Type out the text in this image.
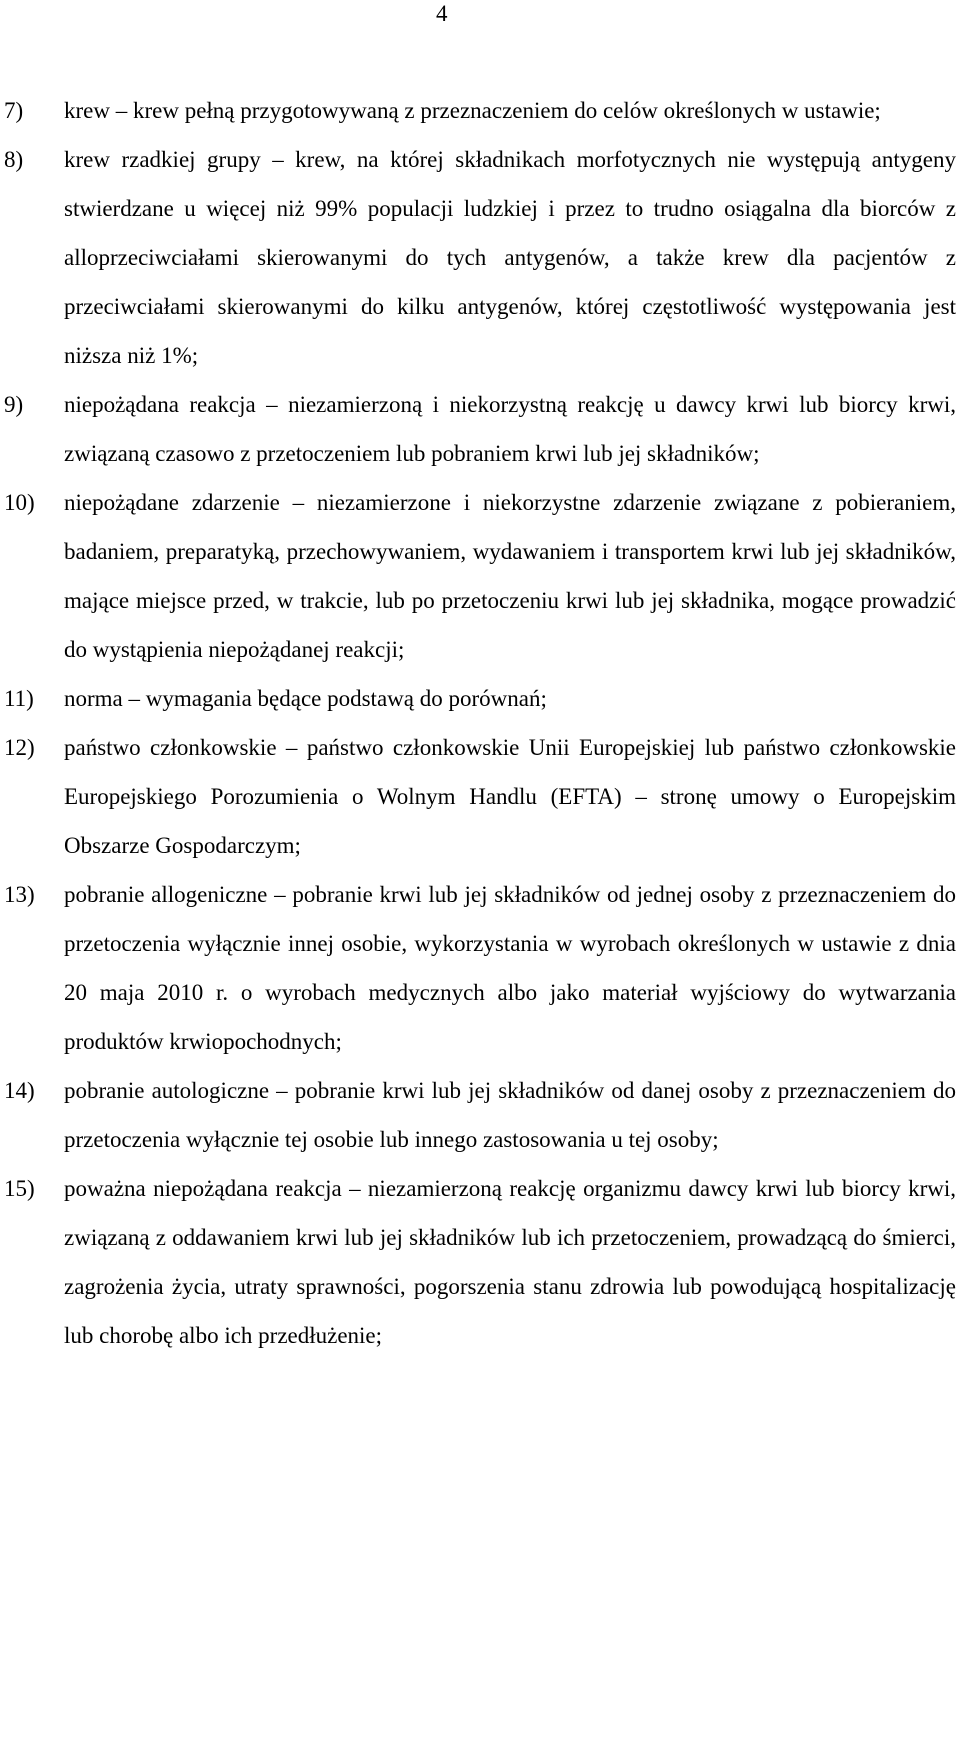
4
7)	krew – krew pełną przygotowywaną z przeznaczeniem do celów określonych w ustawie;
8)	krew rzadkiej grupy – krew, na której składnikach morfotycznych nie występują antygeny stwierdzane u więcej niż 99% populacji ludzkiej i przez to trudno osiągalna dla biorców z alloprzeciwciałami skierowanymi do tych antygenów, a także krew dla pacjentów z przeciwciałami skierowanymi do kilku antygenów, której częstotliwość występowania jest niższa niż 1%;
9)	niepożądana reakcja – niezamierzoną i niekorzystną reakcję u dawcy krwi lub biorcy krwi, związaną czasowo z przetoczeniem lub pobraniem krwi lub jej składników;
10)	niepożądane zdarzenie – niezamierzone i niekorzystne zdarzenie związane z pobieraniem, badaniem, preparatyką, przechowywaniem, wydawaniem i transportem krwi lub jej składników, mające miejsce przed, w trakcie, lub po przetoczeniu krwi lub jej składnika, mogące prowadzić do wystąpienia niepożądanej reakcji;
11)	norma – wymagania będące podstawą do porównań;
12)	państwo członkowskie – państwo członkowskie Unii Europejskiej lub państwo członkowskie Europejskiego Porozumienia o Wolnym Handlu (EFTA) – stronę umowy o Europejskim Obszarze Gospodarczym;
13)	pobranie allogeniczne – pobranie krwi lub jej składników od jednej osoby z przeznaczeniem do przetoczenia wyłącznie innej osobie, wykorzystania w wyrobach określonych w ustawie z dnia 20 maja 2010 r. o wyrobach medycznych albo jako materiał wyjściowy do wytwarzania produktów krwiopochodnych;
14)	pobranie autologiczne – pobranie krwi lub jej składników od danej osoby z przeznaczeniem do przetoczenia wyłącznie tej osobie lub innego zastosowania u tej osoby;
15)	poważna niepożądana reakcja – niezamierzoną reakcję organizmu dawcy krwi lub biorcy krwi, związaną z oddawaniem krwi lub jej składników lub ich przetoczeniem, prowadzącą do śmierci, zagrożenia życia, utraty sprawności, pogorszenia stanu zdrowia lub powodującą hospitalizację lub chorobę albo ich przedłużenie;
